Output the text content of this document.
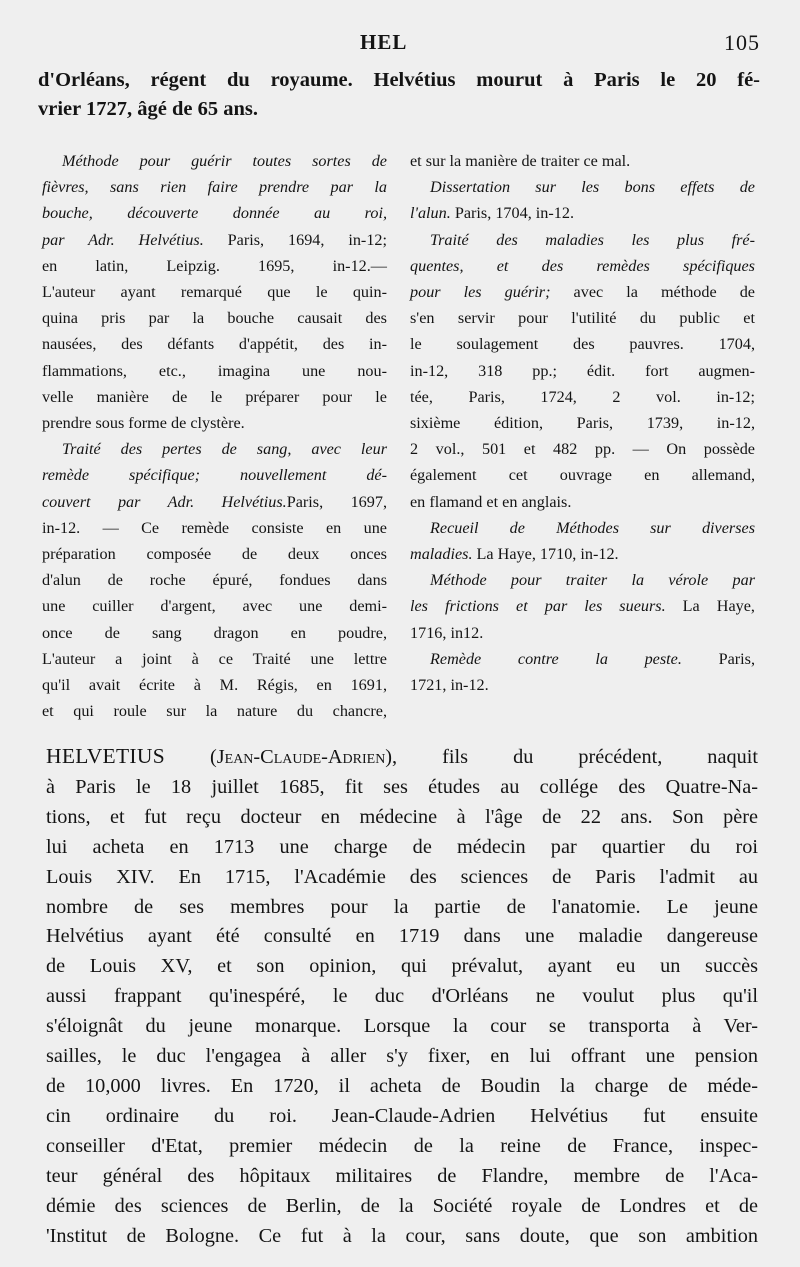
HEL	105
d'Orléans, régent du royaume. Helvétius mourut à Paris le 20 fé-
vrier 1727, âgé de 65 ans.
Méthode pour guérir toutes sortes de
fièvres, sans rien faire prendre par la
bouche, découverte donnée au roi,
par Adr. Helvétius. Paris, 1694, in-12;
en latin, Leipzig. 1695, in-12.—
L'auteur ayant remarqué que le quin-
quina pris par la bouche causait des
nausées, des défants d'appétit, des in-
flammations, etc., imagina une nou-
velle manière de le préparer pour le
prendre sous forme de clystère.
Traité des pertes de sang, avec leur
remède spécifique; nouvellement dé-
couvert par Adr. Helvétius.Paris, 1697,
in-12. — Ce remède consiste en une
préparation composée de deux onces
d'alun de roche épuré, fondues dans
une cuiller d'argent, avec une demi-
once de sang dragon en poudre,
L'auteur a joint à ce Traité une lettre
qu'il avait écrite à M. Régis, en 1691,
et qui roule sur la nature du chancre,
et sur la manière de traiter ce mal.
Dissertation sur les bons effets de
l'alun. Paris, 1704, in-12.
Traité des maladies les plus fré-
quentes, et des remèdes spécifiques
pour les guérir; avec la méthode de
s'en servir pour l'utilité du public et
le soulagement des pauvres. 1704,
in-12, 318 pp.; édit. fort augmen-
tée, Paris, 1724, 2 vol. in-12;
sixième édition, Paris, 1739, in-12,
2 vol., 501 et 482 pp. — On possède
également cet ouvrage en allemand,
en flamand et en anglais.
Recueil de Méthodes sur diverses
maladies. La Haye, 1710, in-12.
Méthode pour traiter la vérole par
les frictions et par les sueurs. La Haye,
1716, in12.
Remède contre la peste. Paris,
1721, in-12.
HELVETIUS (Jean-Claude-Adrien), fils du précédent, naquit
à Paris le 18 juillet 1685, fit ses études au collége des Quatre-Na-
tions, et fut reçu docteur en médecine à l'âge de 22 ans. Son père
lui acheta en 1713 une charge de médecin par quartier du roi
Louis XIV. En 1715, l'Académie des sciences de Paris l'admit au
nombre de ses membres pour la partie de l'anatomie. Le jeune
Helvétius ayant été consulté en 1719 dans une maladie dangereuse
de Louis XV, et son opinion, qui prévalut, ayant eu un succès
aussi frappant qu'inespéré, le duc d'Orléans ne voulut plus qu'il
s'éloignât du jeune monarque. Lorsque la cour se transporta à Ver-
sailles, le duc l'engagea à aller s'y fixer, en lui offrant une pension
de 10,000 livres. En 1720, il acheta de Boudin la charge de méde-
cin ordinaire du roi. Jean-Claude-Adrien Helvétius fut ensuite
conseiller d'Etat, premier médecin de la reine de France, inspec-
teur général des hôpitaux militaires de Flandre, membre de l'Aca-
démie des sciences de Berlin, de la Société royale de Londres et de
'Institut de Bologne. Ce fut à la cour, sans doute, que son ambition
